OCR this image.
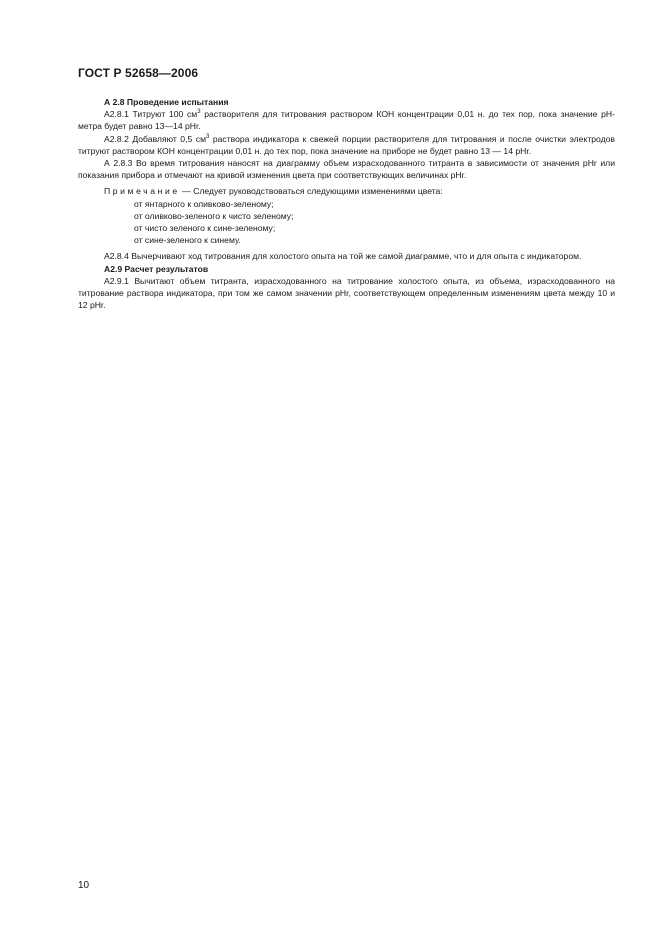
ГОСТ Р 52658—2006

А 2.8 Проведение испытания

А2.8.1 Титруют 100 $см^3$ растворителя для титрования раствором КОН концентрации 0,01 н. до тех пор, пока значение pH-метра будет равно 13—14 pHr.

А2.8.2 Добавляют 0,5 $см^3$ раствора индикатора к свежей порции растворителя для титрования и после очистки электродов титруют раствором КОН концентрации 0,01 н. до тех пор, пока значение на приборе не будет равно 13 — 14 pHr.

А 2.8.3 Во время титрования наносят на диаграмму объем израсходованного титранта в зависимости от значения pHr или показания прибора и отмечают на кривой изменения цвета при соответствующих величинах pHr.

Примечание — Следует руководствоваться следующими изменениями цвета:

от янтарного к оливково-зеленому;

от оливково-зеленого к чисто зеленому;

от чисто зеленого к сине-зеленому;

от сине-зеленого к синему.

А2.8.4 Вычерчивают ход титрования для холостого опыта на той же самой диаграмме, что и для опыта с индикатором.

А2.9 Расчет результатов

А2.9.1 Вычитают объем титранта, израсходованного на титрование холостого опыта, из объема, израсходованного на титрование раствора индикатора, при том же самом значении pHr, соответствующем определенным изменениям цвета между 10 и 12 pHr.

10
